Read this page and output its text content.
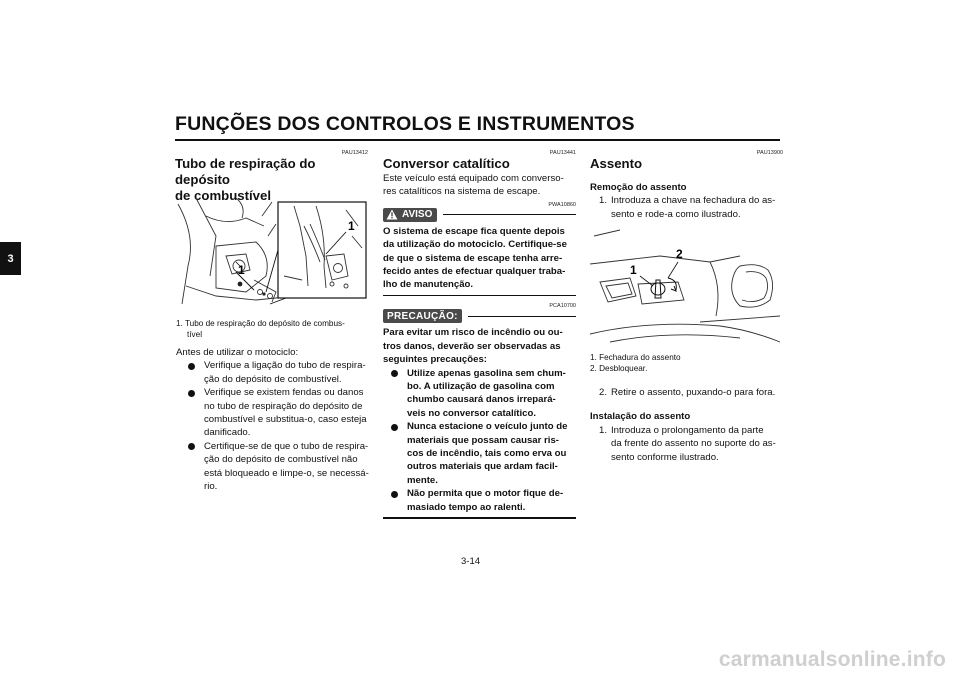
FUNÇÕES DOS CONTROLOS E INSTRUMENTOS
3
PAU13412
Tubo de respiração do depósito
de combustível
1
1
1. Tubo de respiração do depósito de combus-
tível
Antes de utilizar o motociclo:
Verifique a ligação do tubo de respira-
ção do depósito de combustível.
Verifique se existem fendas ou danos
no tubo de respiração do depósito de
combustível e substitua-o, caso esteja
danificado.
Certifique-se de que o tubo de respira-
ção do depósito de combustível não
está bloqueado e limpe-o, se necessá-
rio.
PAU13441
Conversor catalítico
Este veículo está equipado com converso-
res catalíticos na sistema de escape.
PWA10860
AVISO
O sistema de escape fica quente depois
da utilização do motociclo. Certifique-se
de que o sistema de escape tenha arre-
fecido antes de efectuar qualquer traba-
lho de manutenção.
PCA10700
PRECAUÇÃO:
Para evitar um risco de incêndio ou ou-
tros danos, deverão ser observadas as
seguintes precauções:
Utilize apenas gasolina sem chum-
bo. A utilização de gasolina com
chumbo causará danos irrepará-
veis no conversor catalítico.
Nunca estacione o veículo junto de
materiais que possam causar ris-
cos de incêndio, tais como erva ou
outros materiais que ardam facil-
mente.
Não permita que o motor fique de-
masiado tempo ao ralenti.
PAU13900
Assento
Remoção do assento
1. Introduza a chave na fechadura do as-
sento e rode-a como ilustrado.
1
2
1. Fechadura do assento
2. Desbloquear.
2. Retire o assento, puxando-o para fora.
Instalação do assento
1. Introduza o prolongamento da parte
da frente do assento no suporte do as-
sento conforme ilustrado.
3-14
carmanualsonline.info
